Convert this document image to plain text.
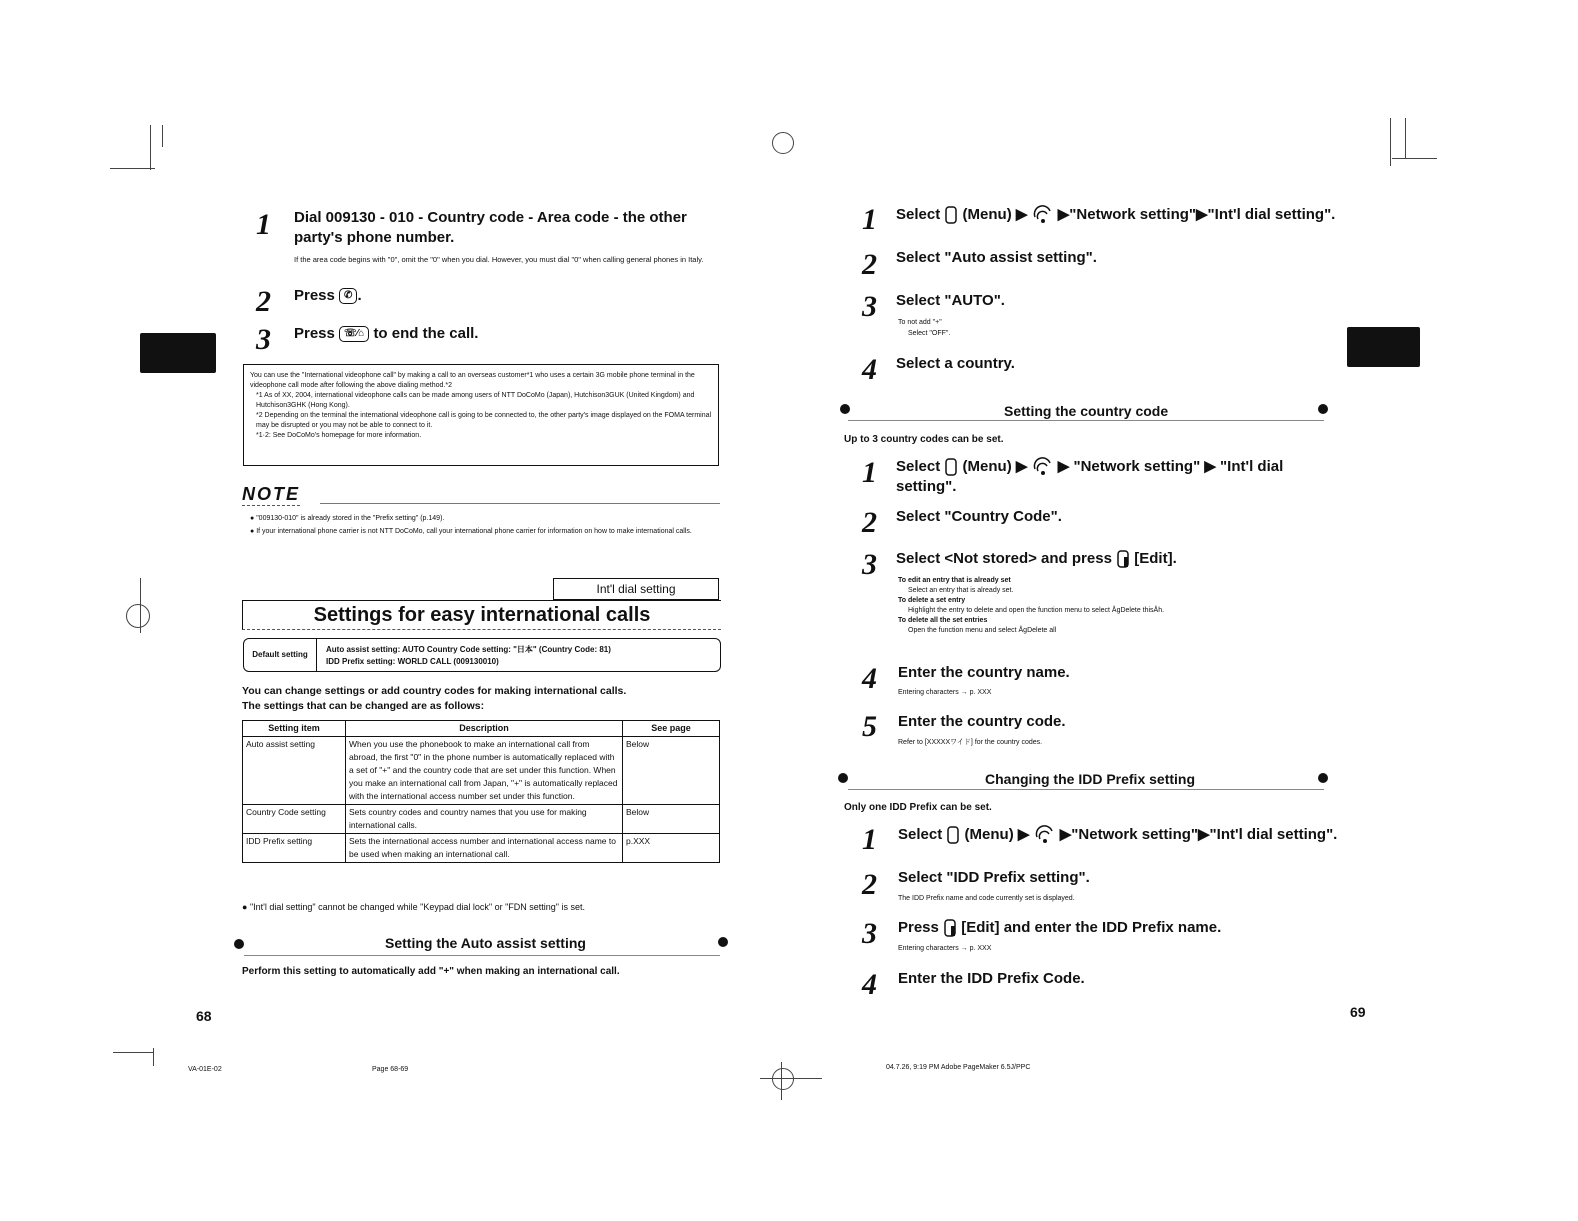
1 Dial 009130 - 010 - Country code - Area code - the other party's phone number.
If the area code begins with "0", omit the "0" when you dial. However, you must dial "0" when calling general phones in Italy.
2 Press ✆ .
3 Press ☏⁄⌂ to end the call.
You can use the "International videophone call" by making a call to an overseas customer*1 who uses a certain 3G mobile phone terminal in the videophone call mode after following the above dialing method.*2
*1 As of XX, 2004, international videophone calls can be made among users of NTT DoCoMo (Japan), Hutchison3GUK (United Kingdom) and Hutchison3GHK (Hong Kong).
*2 Depending on the terminal the international videophone call is going to be connected to, the other party's image displayed on the FOMA terminal may be disrupted or you may not be able to connect to it.
*1·2: See DoCoMo's homepage for more information.
NOTE
● "009130-010" is already stored in the "Prefix setting" (p.149).
● If your international phone carrier is not NTT DoCoMo, call your international phone carrier for information on how to make international calls.
Int'l dial setting
Settings for easy international calls
Default setting
Auto assist setting: AUTO Country Code setting: "日本" (Country Code: 81)
IDD Prefix setting: WORLD CALL (009130010)
You can change settings or add country codes for making international calls.
The settings that can be changed are as follows:
Setting item	Description	See page
Auto assist setting	When you use the phonebook to make an international call from abroad, the first "0" in the phone number is automatically replaced with a set of "+" and the country code that are set under this function. When you make an international call from Japan, "+" is automatically replaced with the international access number set under this function.	Below
Country Code setting	Sets country codes and country names that you use for making international calls.	Below
IDD Prefix setting	Sets the international access number and international access name to be used when making an international call.	p.XXX
● "Int'l dial setting" cannot be changed while "Keypad dial lock" or "FDN setting" is set.
Setting the Auto assist setting
Perform this setting to automatically add "+" when making an international call.
68
VA-01E-02	Page 68-69
1 Select (Menu) ▶ ▶"Network setting"▶"Int'l dial setting".
2 Select "Auto assist setting".
3 Select "AUTO".
To not add "+"
Select "OFF".
4 Select a country.
Setting the country code
Up to 3 country codes can be set.
1 Select (Menu) ▶ ▶ "Network setting" ▶ "Int'l dial
setting".
2 Select "Country Code".
3 Select <Not stored> and press [Edit].
To edit an entry that is already set
Select an entry that is already set.
To delete a set entry
Highlight the entry to delete and open the function menu to select ÅgDelete thisÅh.
To delete all the set entries
Open the function menu and select ÅgDelete all
4 Enter the country name.
Entering characters → p. XXX
5 Enter the country code.
Refer to [XXXXXワイド] for the country codes.
Changing the IDD Prefix setting
Only one IDD Prefix can be set.
1 Select (Menu) ▶ ▶"Network setting"▶"Int'l dial setting".
2 Select "IDD Prefix setting".
The IDD Prefix name and code currently set is displayed.
3 Press [Edit] and enter the IDD Prefix name.
Entering characters → p. XXX
4 Enter the IDD Prefix Code.
69
04.7.26, 9:19 PM Adobe PageMaker 6.5J/PPC
